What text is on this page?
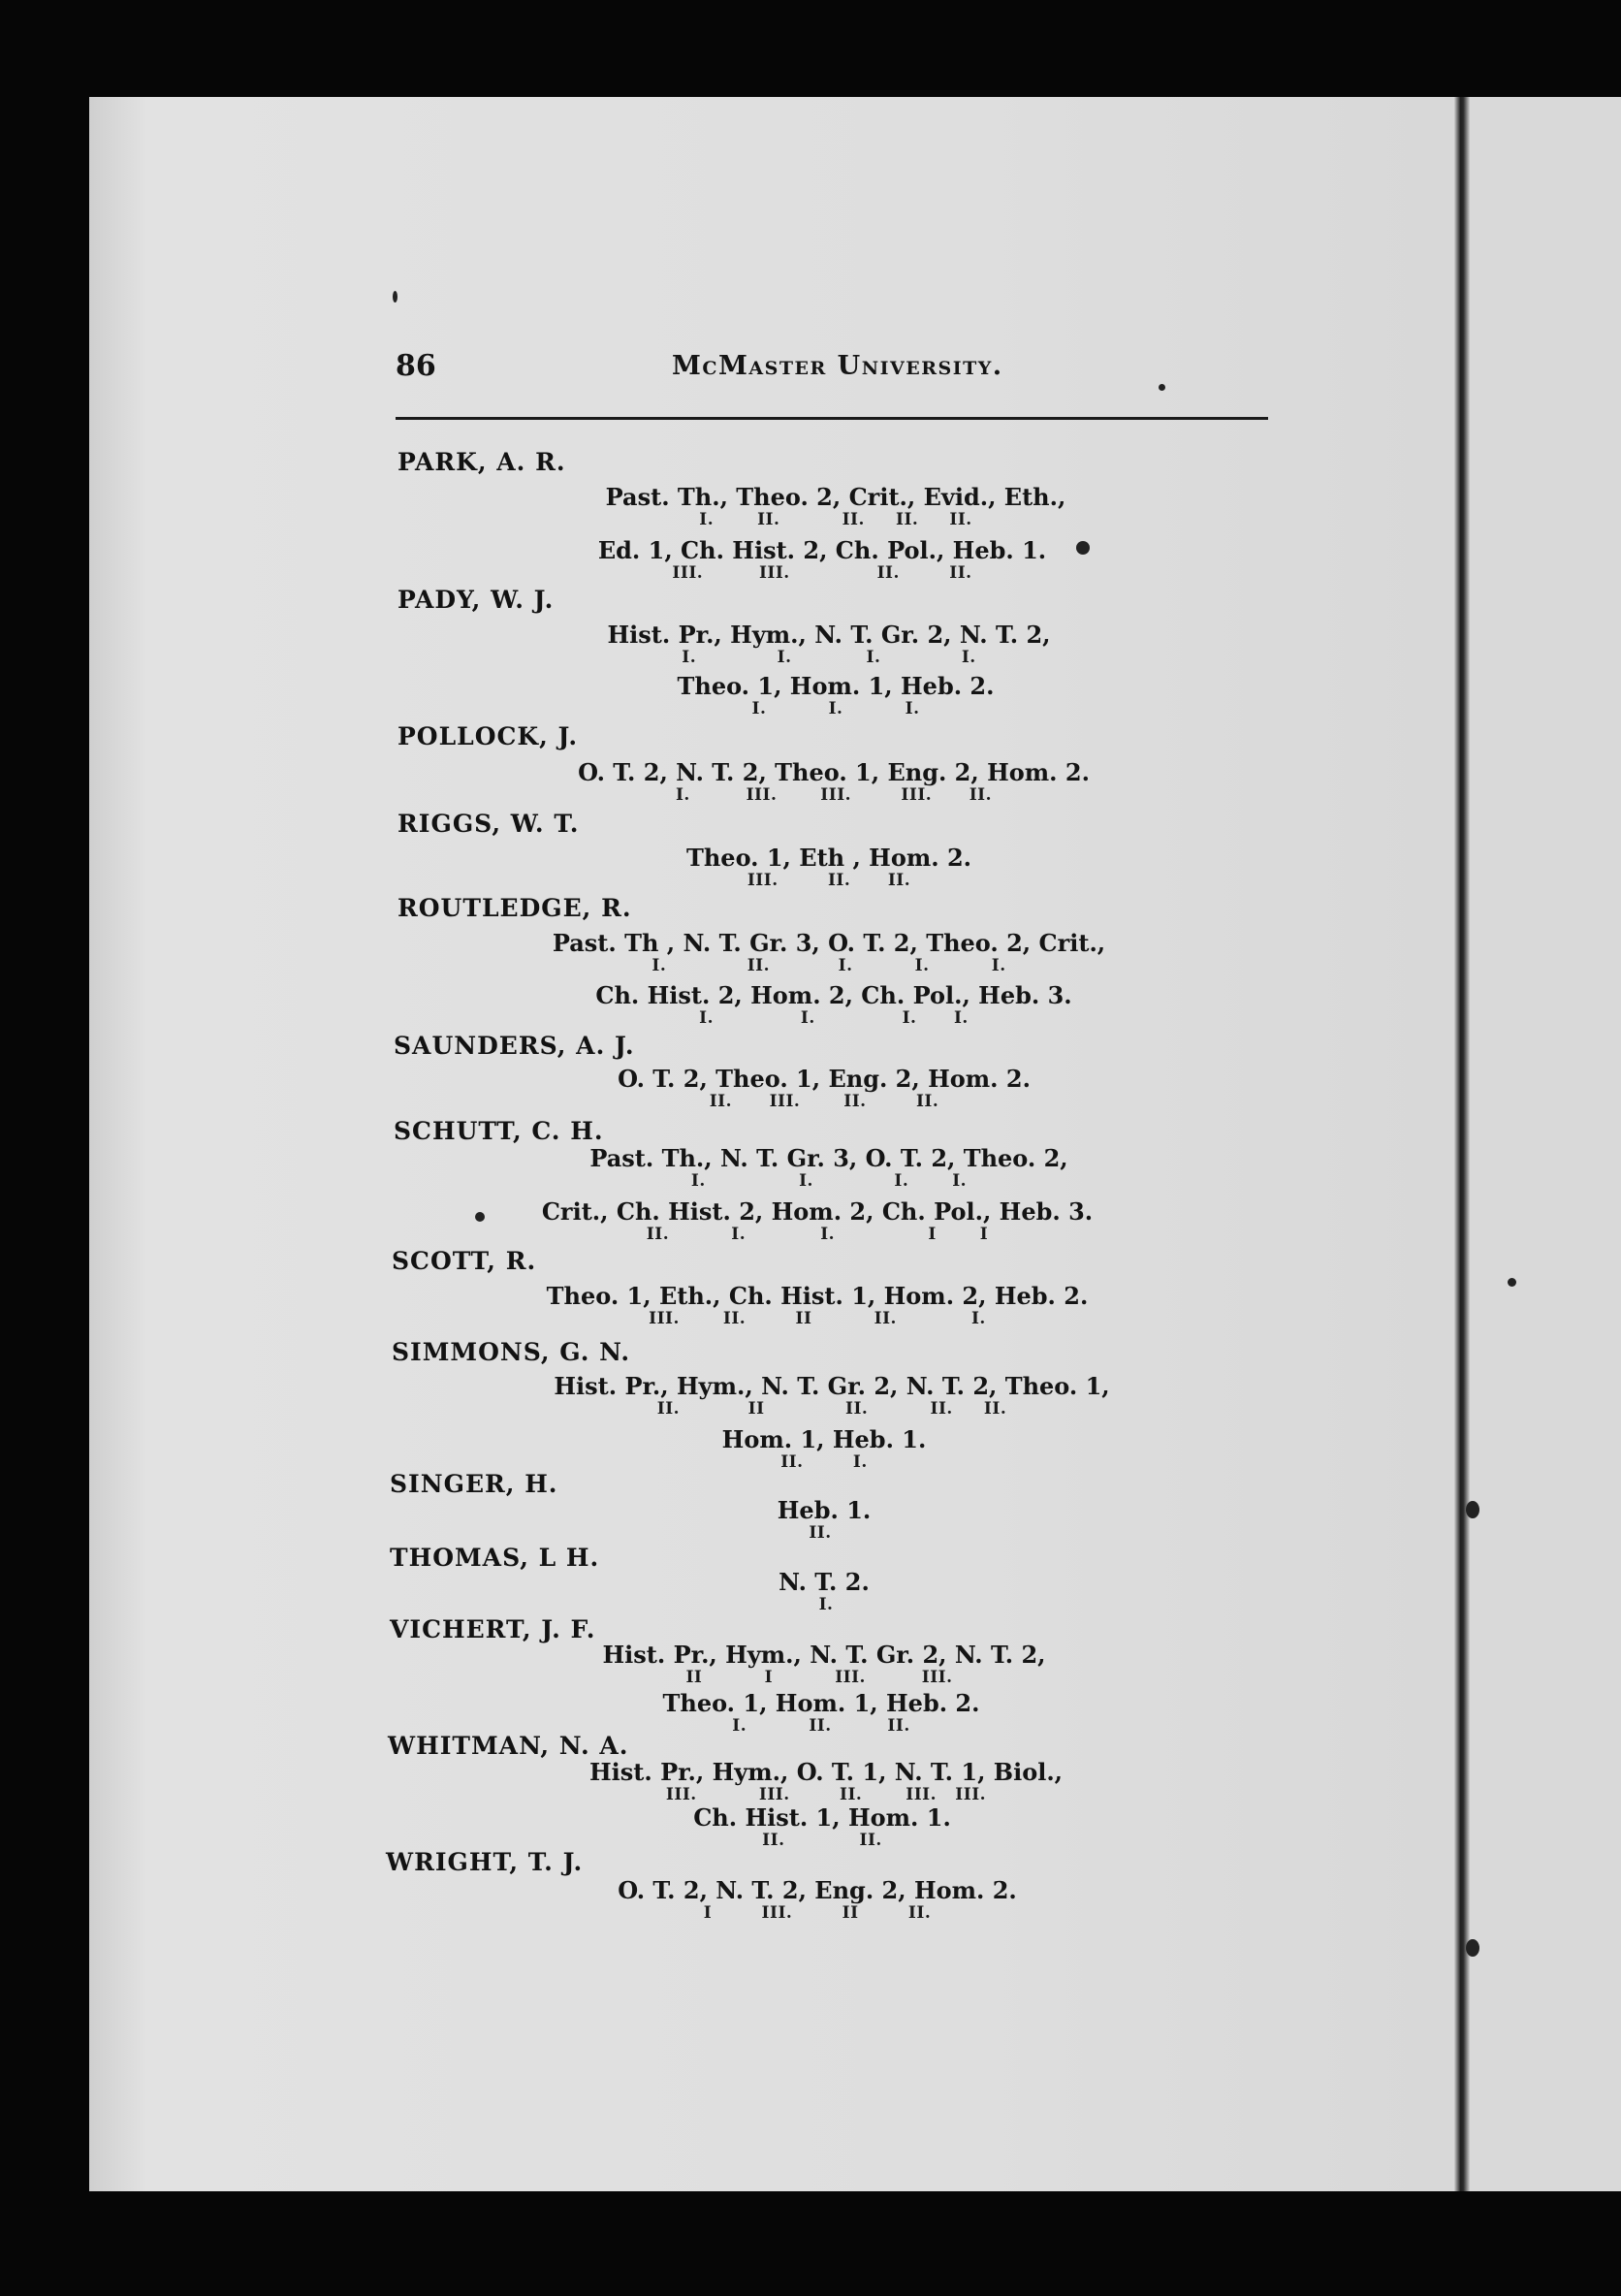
86	McMaster University.
PARK, A. R.
Past. Th., Theo. 2, Crit., Evid., Eth.,
I.       II.          II.     II.     II.
Ed. 1, Ch. Hist. 2, Ch. Pol., Heb. 1.
III.         III.              II.        II.
PADY, W. J.
Hist. Pr., Hym., N. T. Gr. 2, N. T. 2,
I.             I.            I.             I.
Theo. 1, Hom. 1, Heb. 2.
I.          I.          I.
POLLOCK, J.
O. T. 2, N. T. 2, Theo. 1, Eng. 2, Hom. 2.
I.         III.       III.        III.      II.
RIGGS, W. T.
Theo. 1, Eth , Hom. 2.
III.        II.      II.
ROUTLEDGE, R.
Past. Th , N. T. Gr. 3, O. T. 2, Theo. 2, Crit.,
I.             II.           I.          I.          I.
Ch. Hist. 2, Hom. 2, Ch. Pol., Heb. 3.
I.              I.              I.      I.
SAUNDERS, A. J.
O. T. 2, Theo. 1, Eng. 2, Hom. 2.
II.      III.       II.        II.
SCHUTT, C. H.
Past. Th., N. T. Gr. 3, O. T. 2, Theo. 2,
I.               I.             I.       I.
Crit., Ch. Hist. 2, Hom. 2, Ch. Pol., Heb. 3.
II.          I.            I.               I       I
SCOTT, R.
Theo. 1, Eth., Ch. Hist. 1, Hom. 2, Heb. 2.
III.       II.        II          II.            I.
SIMMONS, G. N.
Hist. Pr., Hym., N. T. Gr. 2, N. T. 2, Theo. 1,
II.           II             II.          II.     II.
Hom. 1, Heb. 1.
II.        I.
SINGER, H.
Heb. 1.
II.
THOMAS, L H.
N. T. 2.
I.
VICHERT, J. F.
Hist. Pr., Hym., N. T. Gr. 2, N. T. 2,
II          I          III.         III.
Theo. 1, Hom. 1, Heb. 2.
I.          II.         II.
WHITMAN, N. A.
Hist. Pr., Hym., O. T. 1, N. T. 1, Biol.,
III.          III.        II.       III.   III.
Ch. Hist. 1, Hom. 1.
II.            II.
WRIGHT, T. J.
O. T. 2, N. T. 2, Eng. 2, Hom. 2.
I        III.        II        II.
